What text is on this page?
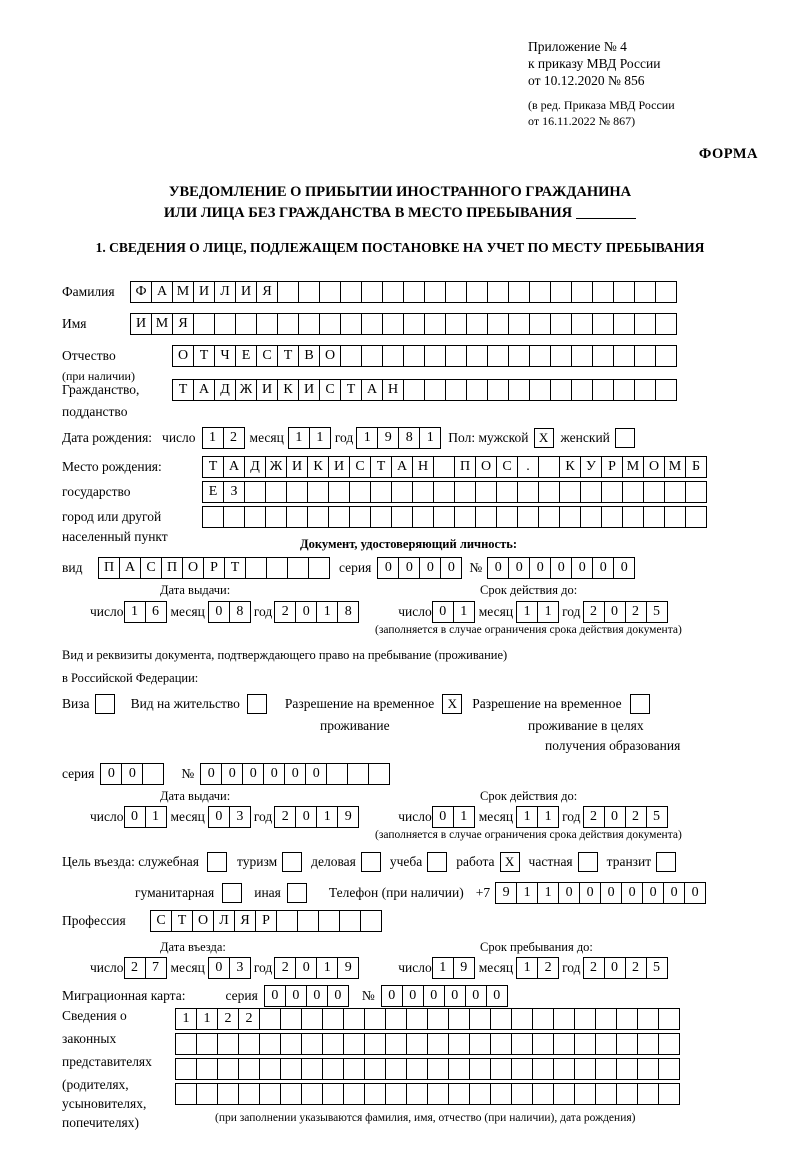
Приложение № 4
к приказу МВД России
от 10.12.2020 № 856
(в ред. Приказа МВД России
от 16.11.2022 № 867)
ФОРМА
УВЕДОМЛЕНИЕ О ПРИБЫТИИ ИНОСТРАННОГО ГРАЖДАНИНА
ИЛИ ЛИЦА БЕЗ ГРАЖДАНСТВА В МЕСТО ПРЕБЫВАНИЯ
1. СВЕДЕНИЯ О ЛИЦЕ, ПОДЛЕЖАЩЕМ ПОСТАНОВКЕ НА УЧЕТ ПО МЕСТУ ПРЕБЫВАНИЯ
Фамилия	Ф А М И Л И Я
Имя	И М Я
Отчество	О Т Ч Е С Т В О
(при наличии)
Гражданство,	Т А Д Ж И К И С Т А Н
подданство
Дата рождения: число 1	2 месяц 1	1 год 1	9	8	1	Пол: мужской X женский
Место рождения:	Т А Д Ж И К И С Т А Н	П О С	.	К У Р М О М Б
государство	Е З
город или другой
населенный пункт	Документ, удостоверяющий личность:
вид	П А С П О Р Т	серия 0	0	0	0	№ 0	0	0	0	0	0	0
Дата выдачи:	Срок действия до:
число 1	6 месяц 0	8 год 2	0	1	8	число 0	1 месяц 1	1 год 2	0	2	5
(заполняется в случае ограничения срока действия документа)
Вид и реквизиты документа, подтверждающего право на пребывание (проживание)
в Российской Федерации:
Виза	Вид на жительство	Разрешение на временное	X	Разрешение на временное
проживание	проживание в целях
получения образования
серия 0	0	№ 0	0	0	0	0	0
Дата выдачи:	Срок действия до:
число 0	1 месяц 0	3 год 2	0	1	9	число 0	1 месяц 1	1 год 2	0	2	5
(заполняется в случае ограничения срока действия документа)
Цель въезда: служебная	туризм	деловая	учеба	работа X	частная	транзит
гуманитарная	иная	Телефон (при наличии) +7 9	1	1	0	0	0	0	0	0	0
Профессия	С Т О Л Я Р
Дата въезда:	Срок пребывания до:
число 2	7 месяц 0	3 год 2	0	1	9	число 1	9 месяц 1	2 год 2	0	2	5
Миграционная карта:	серия 0	0	0	0	№ 0	0	0	0	0	0
Сведения о
законных
представителях
(родителях,
усыновителях,
попечителях)
1	1	2	2
(при заполнении указываются фамилия, имя, отчество (при наличии), дата рождения)
